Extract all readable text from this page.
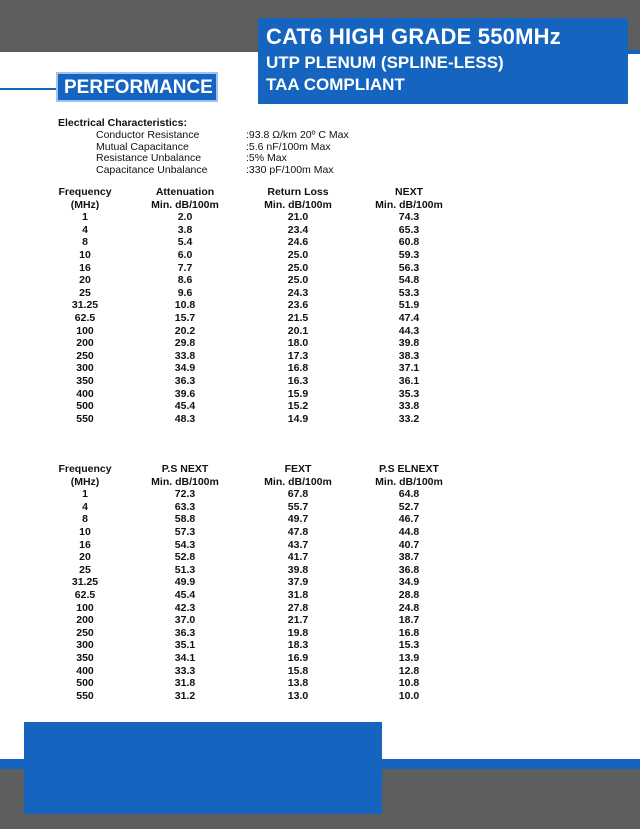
CAT6 HIGH GRADE 550MHz
UTP PLENUM (SPLINE-LESS)
TAA COMPLIANT
PERFORMANCE
Electrical Characteristics:
Conductor Resistance	:93.8 Ω/km 20º C Max
Mutual Capacitance	:5.6 nF/100m Max
Resistance Unbalance	:5% Max
Capacitance Unbalance	:330 pF/100m Max
Frequency	Attenuation	Return Loss	NEXT
(MHz)	Min. dB/100m	Min. dB/100m	Min. dB/100m
1	2.0	21.0	74.3
4	3.8	23.4	65.3
8	5.4	24.6	60.8
10	6.0	25.0	59.3
16	7.7	25.0	56.3
20	8.6	25.0	54.8
25	9.6	24.3	53.3
31.25	10.8	23.6	51.9
62.5	15.7	21.5	47.4
100	20.2	20.1	44.3
200	29.8	18.0	39.8
250	33.8	17.3	38.3
300	34.9	16.8	37.1
350	36.3	16.3	36.1
400	39.6	15.9	35.3
500	45.4	15.2	33.8
550	48.3	14.9	33.2
Frequency	P.S NEXT	FEXT	P.S ELNEXT
(MHz)	Min. dB/100m	Min. dB/100m	Min. dB/100m
1	72.3	67.8	64.8
4	63.3	55.7	52.7
8	58.8	49.7	46.7
10	57.3	47.8	44.8
16	54.3	43.7	40.7
20	52.8	41.7	38.7
25	51.3	39.8	36.8
31.25	49.9	37.9	34.9
62.5	45.4	31.8	28.8
100	42.3	27.8	24.8
200	37.0	21.7	18.7
250	36.3	19.8	16.8
300	35.1	18.3	15.3
350	34.1	16.9	13.9
400	33.3	15.8	12.8
500	31.8	13.8	10.8
550	31.2	13.0	10.0
